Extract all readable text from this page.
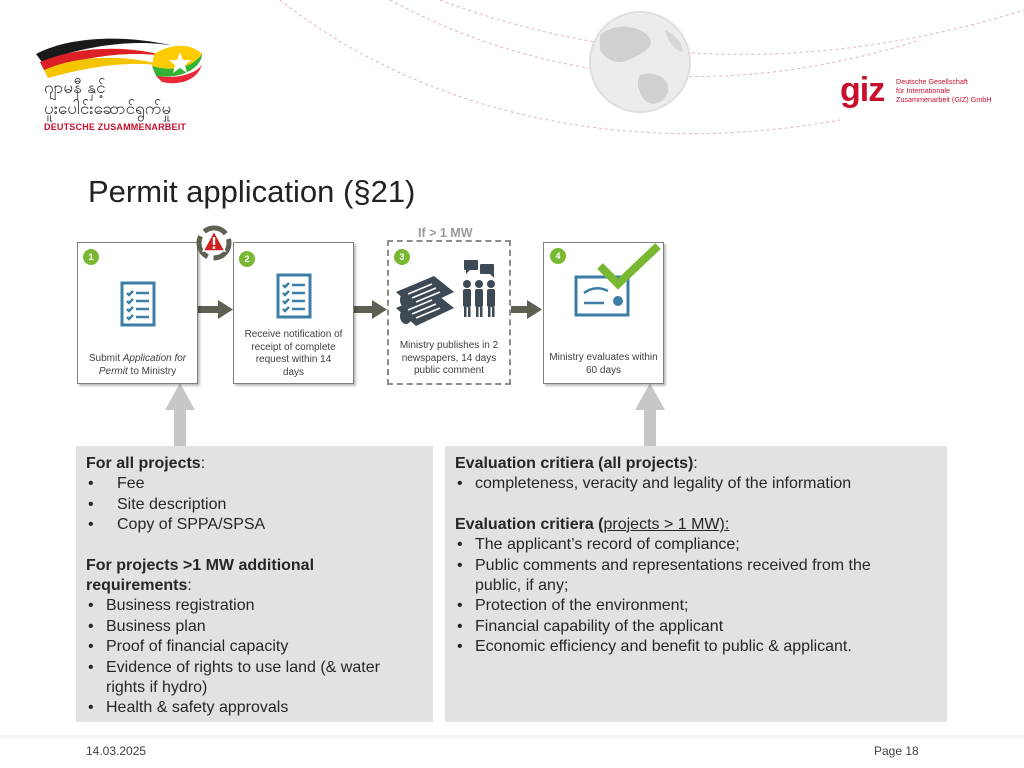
ဂျာမနီ နှင့်
ပူးပေါင်းဆောင်ရွက်မှု
DEUTSCHE ZUSAMMENARBEIT
giz Deutsche Gesellschaft
für Internationale
Zusammenarbeit (GIZ) GmbH
Permit application (§21)
1
Submit Application for Permit to Ministry
2
Receive notification of receipt of complete request within 14 days
If > 1 MW
3
Ministry publishes in 2 newspapers, 14 days public comment
4
Ministry evaluates within 60 days
For all projects:
• Fee
• Site description
• Copy of SPPA/SPSA
For projects >1 MW additional requirements:
• Business registration
• Business plan
• Proof of financial capacity
• Evidence of rights to use land (& water rights if hydro)
• Health & safety approvals
Evaluation critiera (all projects):
• completeness, veracity and legality of the information
Evaluation critiera (projects > 1 MW):
• The applicant’s record of compliance;
• Public comments and representations received from the public, if any;
• Protection of the environment;
• Financial capability of the applicant
• Economic efficiency and benefit to public & applicant.
14.03.2025	Page 18
